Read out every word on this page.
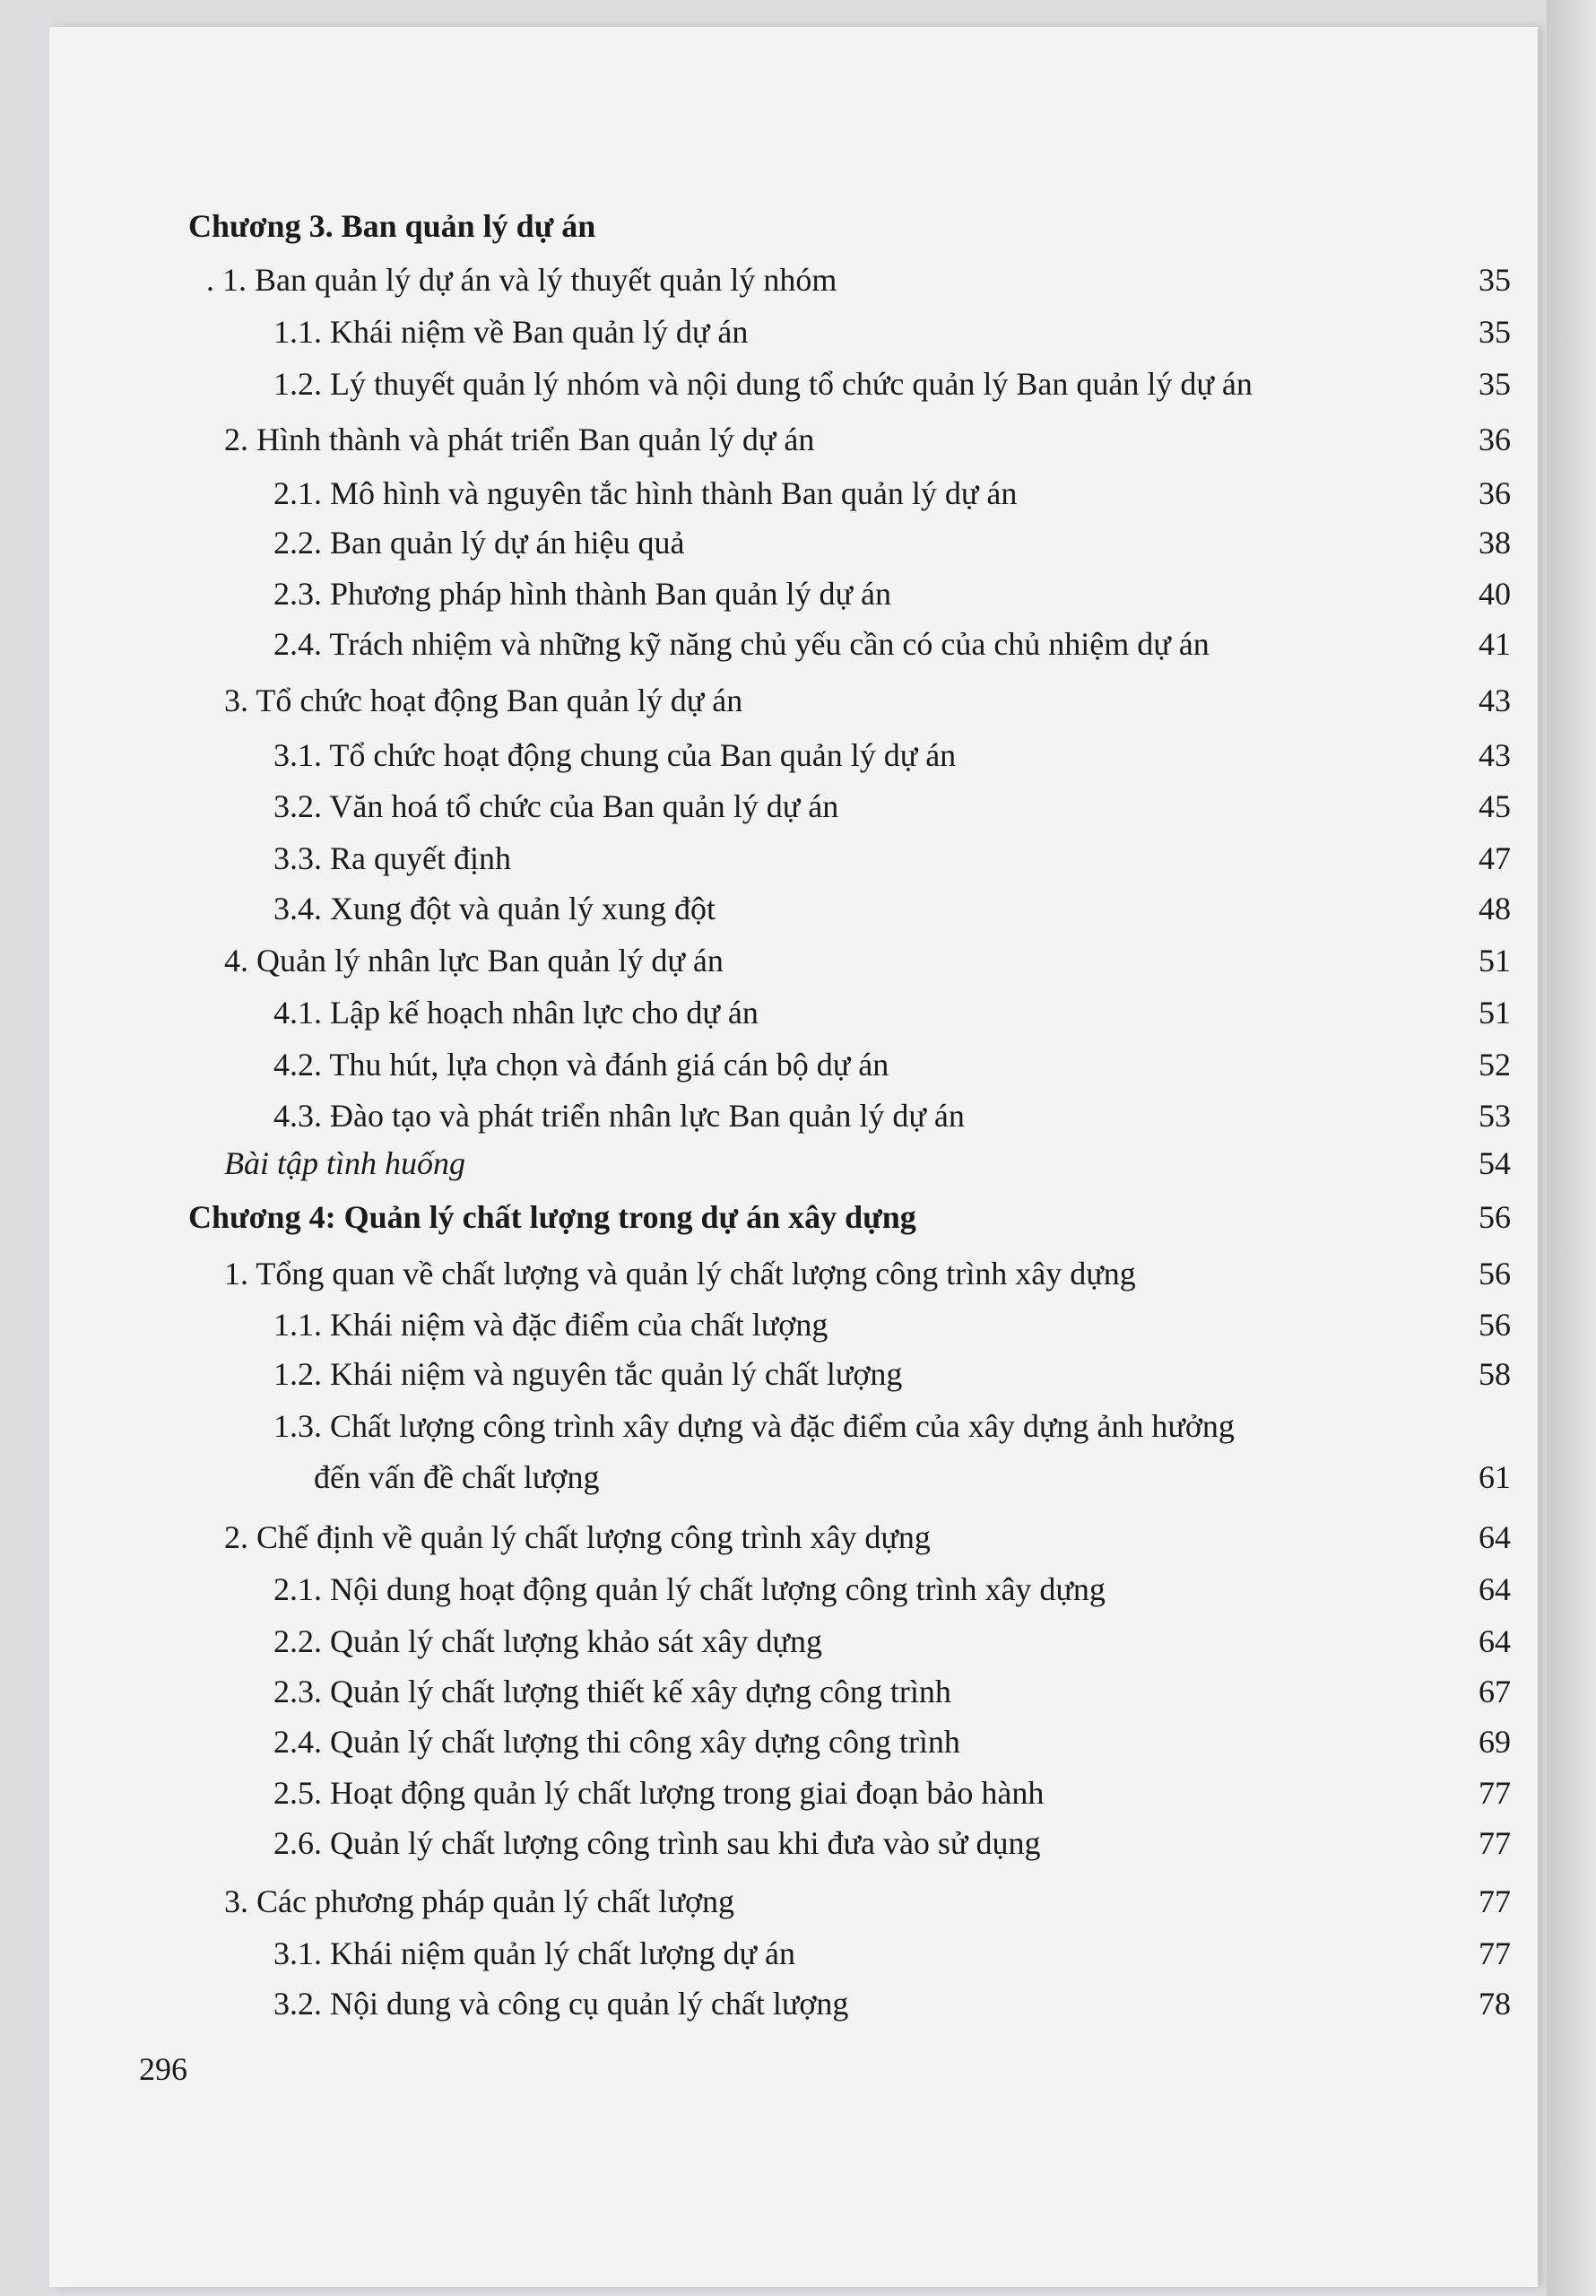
Chương 3. Ban quản lý dự án
. 1. Ban quản lý dự án và lý thuyết quản lý nhóm	35
1.1. Khái niệm về Ban quản lý dự án	35
1.2. Lý thuyết quản lý nhóm và nội dung tổ chức quản lý Ban quản lý dự án	35
2. Hình thành và phát triển Ban quản lý dự án	36
2.1. Mô hình và nguyên tắc hình thành Ban quản lý dự án	36
2.2. Ban quản lý dự án hiệu quả	38
2.3. Phương pháp hình thành Ban quản lý dự án	40
2.4. Trách nhiệm và những kỹ năng chủ yếu cần có của chủ nhiệm dự án	41
3. Tổ chức hoạt động Ban quản lý dự án	43
3.1. Tổ chức hoạt động chung của Ban quản lý dự án	43
3.2. Văn hoá tổ chức của Ban quản lý dự án	45
3.3. Ra quyết định	47
3.4. Xung đột và quản lý xung đột	48
4. Quản lý nhân lực Ban quản lý dự án	51
4.1. Lập kế hoạch nhân lực cho dự án	51
4.2. Thu hút, lựa chọn và đánh giá cán bộ dự án	52
4.3. Đào tạo và phát triển nhân lực Ban quản lý dự án	53
Bài tập tình huống	54
Chương 4: Quản lý chất lượng trong dự án xây dựng	56
1. Tổng quan về chất lượng và quản lý chất lượng công trình xây dựng	56
1.1. Khái niệm và đặc điểm của chất lượng	56
1.2. Khái niệm và nguyên tắc quản lý chất lượng	58
1.3. Chất lượng công trình xây dựng và đặc điểm của xây dựng ảnh hưởng
đến vấn đề chất lượng	61
2. Chế định về quản lý chất lượng công trình xây dựng	64
2.1. Nội dung hoạt động quản lý chất lượng công trình xây dựng	64
2.2. Quản lý chất lượng khảo sát xây dựng	64
2.3. Quản lý chất lượng thiết kế xây dựng công trình	67
2.4. Quản lý chất lượng thi công xây dựng công trình	69
2.5. Hoạt động quản lý chất lượng trong giai đoạn bảo hành	77
2.6. Quản lý chất lượng công trình sau khi đưa vào sử dụng	77
3. Các phương pháp quản lý chất lượng	77
3.1. Khái niệm quản lý chất lượng dự án	77
3.2. Nội dung và công cụ quản lý chất lượng	78
296
